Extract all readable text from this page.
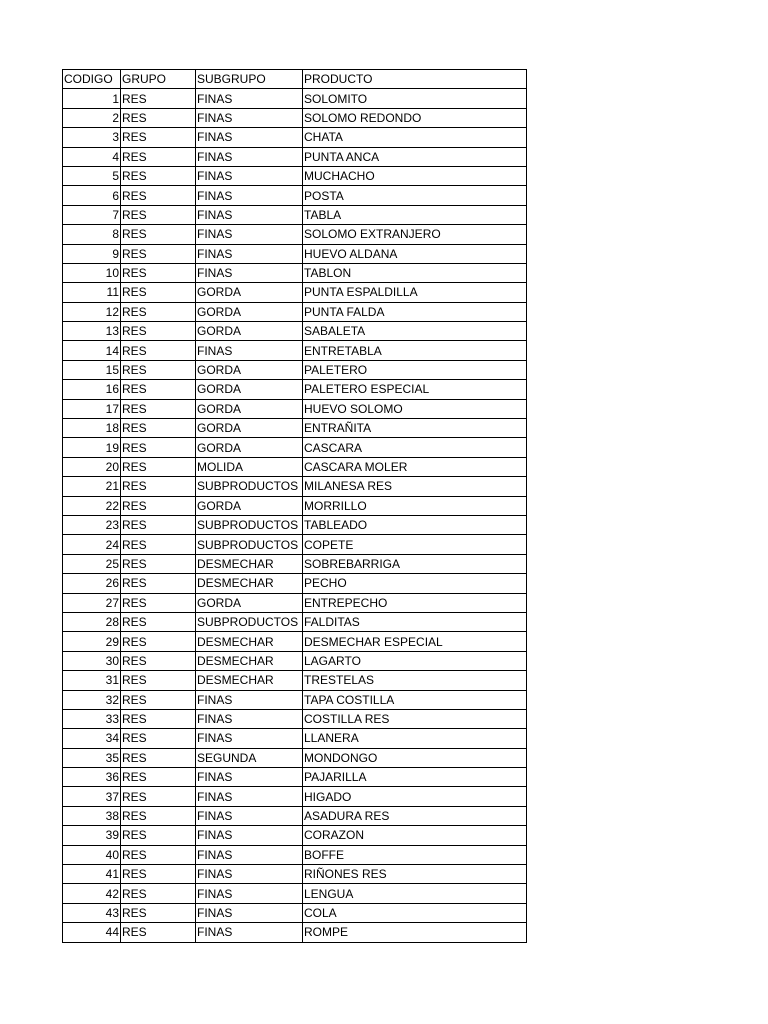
CODIGO	GRUPO	SUBGRUPO	PRODUCTO
1	RES	FINAS	SOLOMITO
2	RES	FINAS	SOLOMO REDONDO
3	RES	FINAS	CHATA
4	RES	FINAS	PUNTA ANCA
5	RES	FINAS	MUCHACHO
6	RES	FINAS	POSTA
7	RES	FINAS	TABLA
8	RES	FINAS	SOLOMO EXTRANJERO
9	RES	FINAS	HUEVO ALDANA
10	RES	FINAS	TABLON
11	RES	GORDA	PUNTA ESPALDILLA
12	RES	GORDA	PUNTA FALDA
13	RES	GORDA	SABALETA
14	RES	FINAS	ENTRETABLA
15	RES	GORDA	PALETERO
16	RES	GORDA	PALETERO ESPECIAL
17	RES	GORDA	HUEVO SOLOMO
18	RES	GORDA	ENTRAÑITA
19	RES	GORDA	CASCARA
20	RES	MOLIDA	CASCARA MOLER
21	RES	SUBPRODUCTOS	MILANESA RES
22	RES	GORDA	MORRILLO
23	RES	SUBPRODUCTOS	TABLEADO
24	RES	SUBPRODUCTOS	COPETE
25	RES	DESMECHAR	SOBREBARRIGA
26	RES	DESMECHAR	PECHO
27	RES	GORDA	ENTREPECHO
28	RES	SUBPRODUCTOS	FALDITAS
29	RES	DESMECHAR	DESMECHAR ESPECIAL
30	RES	DESMECHAR	LAGARTO
31	RES	DESMECHAR	TRESTELAS
32	RES	FINAS	TAPA COSTILLA
33	RES	FINAS	COSTILLA RES
34	RES	FINAS	LLANERA
35	RES	SEGUNDA	MONDONGO
36	RES	FINAS	PAJARILLA
37	RES	FINAS	HIGADO
38	RES	FINAS	ASADURA RES
39	RES	FINAS	CORAZON
40	RES	FINAS	BOFFE
41	RES	FINAS	RIÑONES RES
42	RES	FINAS	LENGUA
43	RES	FINAS	COLA
44	RES	FINAS	ROMPE
